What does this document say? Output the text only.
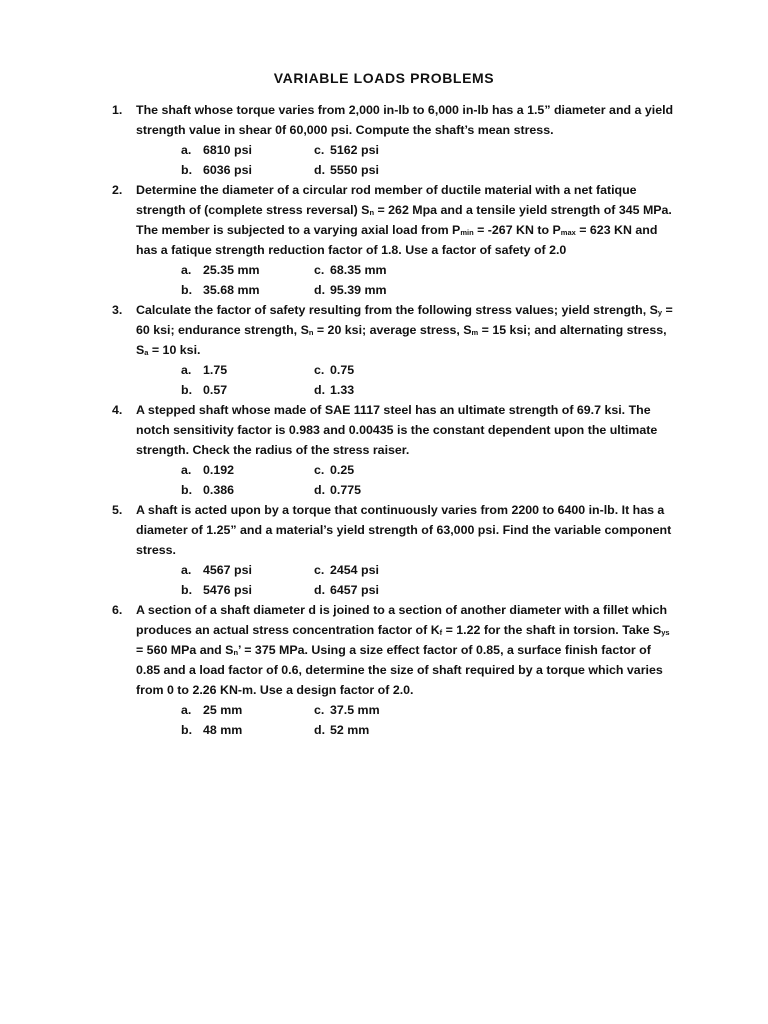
VARIABLE LOADS PROBLEMS
1. The shaft whose torque varies from 2,000 in-lb to 6,000 in-lb has a 1.5” diameter and a yield strength value in shear 0f 60,000 psi. Compute the shaft’s mean stress.
a. 6810 psi	c. 5162 psi
b. 6036 psi	d. 5550 psi
2. Determine the diameter of a circular rod member of ductile material with a net fatique strength of (complete stress reversal) $S_n = 262$ Mpa and a tensile yield strength of 345 MPa. The member is subjected to a varying axial load from $P_{min} = -267$ KN to $P_{max} = 623$ KN and has a fatique strength reduction factor of 1.8. Use a factor of safety of 2.0
a. 25.35 mm	c. 68.35 mm
b. 35.68 mm	d. 95.39 mm
3. Calculate the factor of safety resulting from the following stress values; yield strength, $S_y = 60$ ksi; endurance strength, $S_n = 20$ ksi; average stress, $S_m = 15$ ksi; and alternating stress, $S_a = 10$ ksi.
a. 1.75	c. 0.75
b. 0.57	d. 1.33
4. A stepped shaft whose made of SAE 1117 steel has an ultimate strength of 69.7 ksi. The notch sensitivity factor is 0.983 and 0.00435 is the constant dependent upon the ultimate strength. Check the radius of the stress raiser.
a. 0.192	c. 0.25
b. 0.386	d. 0.775
5. A shaft is acted upon by a torque that continuously varies from 2200 to 6400 in-lb. It has a diameter of 1.25” and a material’s yield strength of 63,000 psi. Find the variable component stress.
a. 4567 psi	c. 2454 psi
b. 5476 psi	d. 6457 psi
6. A section of a shaft diameter d is joined to a section of another diameter with a fillet which produces an actual stress concentration factor of $K_f = 1.22$ for the shaft in torsion. Take $S_{ys} = 560$ MPa and $S_n$’ = 375 MPa. Using a size effect factor of 0.85, a surface finish factor of 0.85 and a load factor of 0.6, determine the size of shaft required by a torque which varies from 0 to 2.26 KN-m. Use a design factor of 2.0.
a. 25 mm	c. 37.5 mm
b. 48 mm	d. 52 mm
